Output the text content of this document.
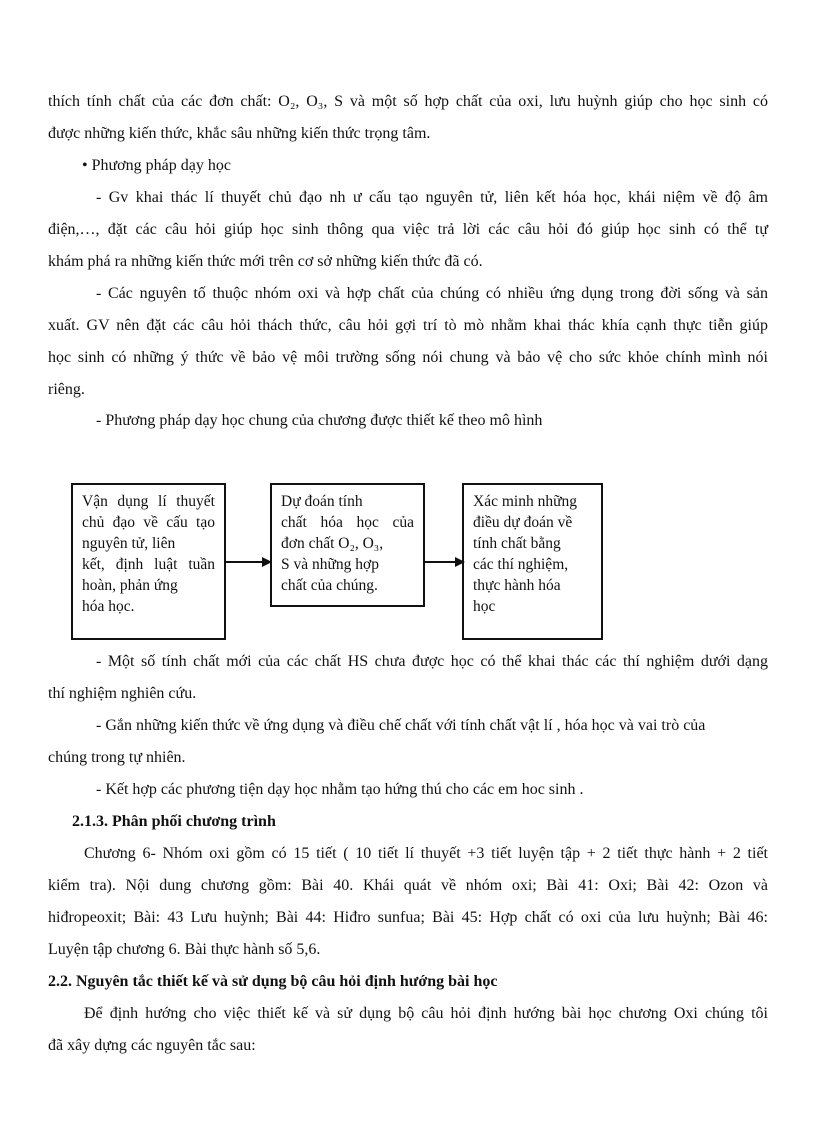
thích tính chất của các đơn chất: O₂, O₃, S và một số hợp chất của oxi, lưu huỳnh giúp cho học sinh có
được những kiến thức, khắc sâu những kiến thức trọng tâm.
• Phương pháp dạy học
- Gv khai thác lí thuyết chủ đạo nh ư cấu tạo nguyên tử, liên kết hóa học, khái niệm về độ âm
điện,…, đặt các câu hỏi giúp học sinh thông qua việc trả lời các câu hỏi đó giúp học sinh có thể tự
khám phá ra những kiến thức mới trên cơ sở những kiến thức đã có.
- Các nguyên tố thuộc nhóm oxi và hợp chất của chúng có nhiều ứng dụng trong đời sống và sản
xuất. GV nên đặt các câu hỏi thách thức, câu hỏi gợi trí tò mò nhằm khai thác khía cạnh thực tiễn giúp
học sinh có những ý thức về bảo vệ môi trường sống nói chung và bảo vệ cho sức khỏe chính mình nói
riêng.
- Phương pháp dạy học chung của chương được thiết kế theo mô hình
Vận dụng lí thuyết
chủ đạo về cấu tạo
nguyên tử, liên
kết, định luật tuần
hoàn, phản ứng
hóa học.
Dự đoán tính
chất hóa học của
đơn chất O₂, O₃,
S và những hợp
chất của chúng.
Xác minh những
điều dự đoán về
tính chất bằng
các thí nghiệm,
thực hành hóa
học
- Một số tính chất mới của các chất HS chưa được học có thể khai thác các thí nghiệm dưới dạng
thí nghiệm nghiên cứu.
- Gắn những kiến thức về ứng dụng và điều chế chất với tính chất vật lí , hóa học và vai trò của
chúng trong tự nhiên.
- Kết hợp các phương tiện dạy học nhằm tạo hứng thú cho các em hoc sinh .
2.1.3. Phân phối chương trình
Chương 6- Nhóm oxi gồm có 15 tiết ( 10 tiết lí thuyết +3 tiết luyện tập + 2 tiết thực hành + 2 tiết
kiểm tra). Nội dung chương gồm: Bài 40. Khái quát về nhóm oxi; Bài 41: Oxi; Bài 42: Ozon và
hiđropeoxit; Bài: 43 Lưu huỳnh; Bài 44: Hiđro sunfua; Bài 45: Hợp chất có oxi của lưu huỳnh; Bài 46:
Luyện tập chương 6. Bài thực hành số 5,6.
2.2. Nguyên tắc thiết kế và sử dụng bộ câu hỏi định hướng bài học
Để định hướng cho việc thiết kế và sử dụng bộ câu hỏi định hướng bài học chương Oxi chúng tôi
đã xây dựng các nguyên tắc sau:
